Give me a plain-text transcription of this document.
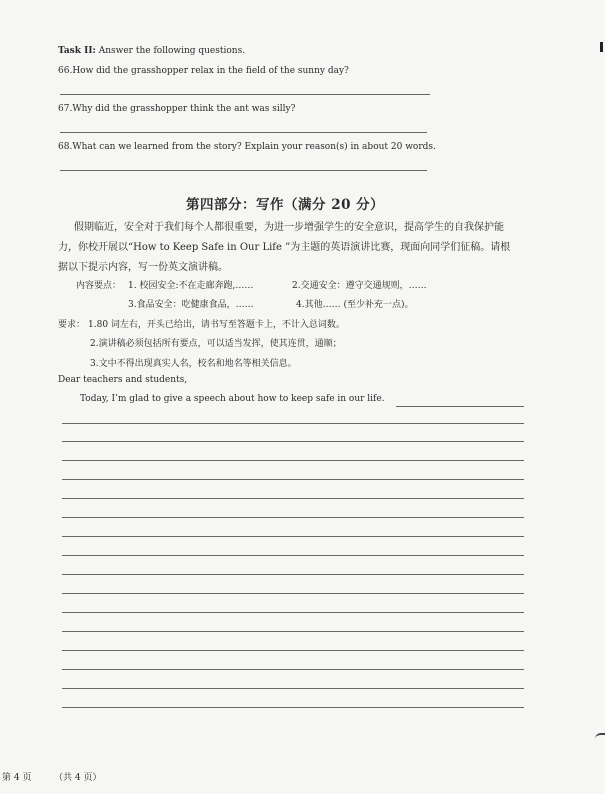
Task II: Answer the following questions.
66.How did the grasshopper relax in the field of the sunny day?
67.Why did the grasshopper think the ant was silly?
68.What can we learned from the story? Explain your reason(s) in about 20 words.
第四部分：写作（满分 20 分）
假期临近，安全对于我们每个人都很重要，为进一步增强学生的安全意识，提高学生的自我保护能
力，你校开展以“How to Keep Safe in Our Life ”为主题的英语演讲比赛，现面向同学们征稿。请根
据以下提示内容，写一份英文演讲稿。
内容要点： 1. 校园安全:不在走廊奔跑,……	2.交通安全：遵守交通规则，……
3.食品安全：吃健康食品，……	4.其他…… (至少补充一点)。
要求： 1.80 词左右，开头已给出，请书写至答题卡上，不计入总词数。
2.演讲稿必须包括所有要点，可以适当发挥，使其连贯，通顺；
3.文中不得出现真实人名，校名和地名等相关信息。
Dear teachers and students,
Today, I’m glad to give a speech about how to keep safe in our life.
第 4 页	（共 4 页）
